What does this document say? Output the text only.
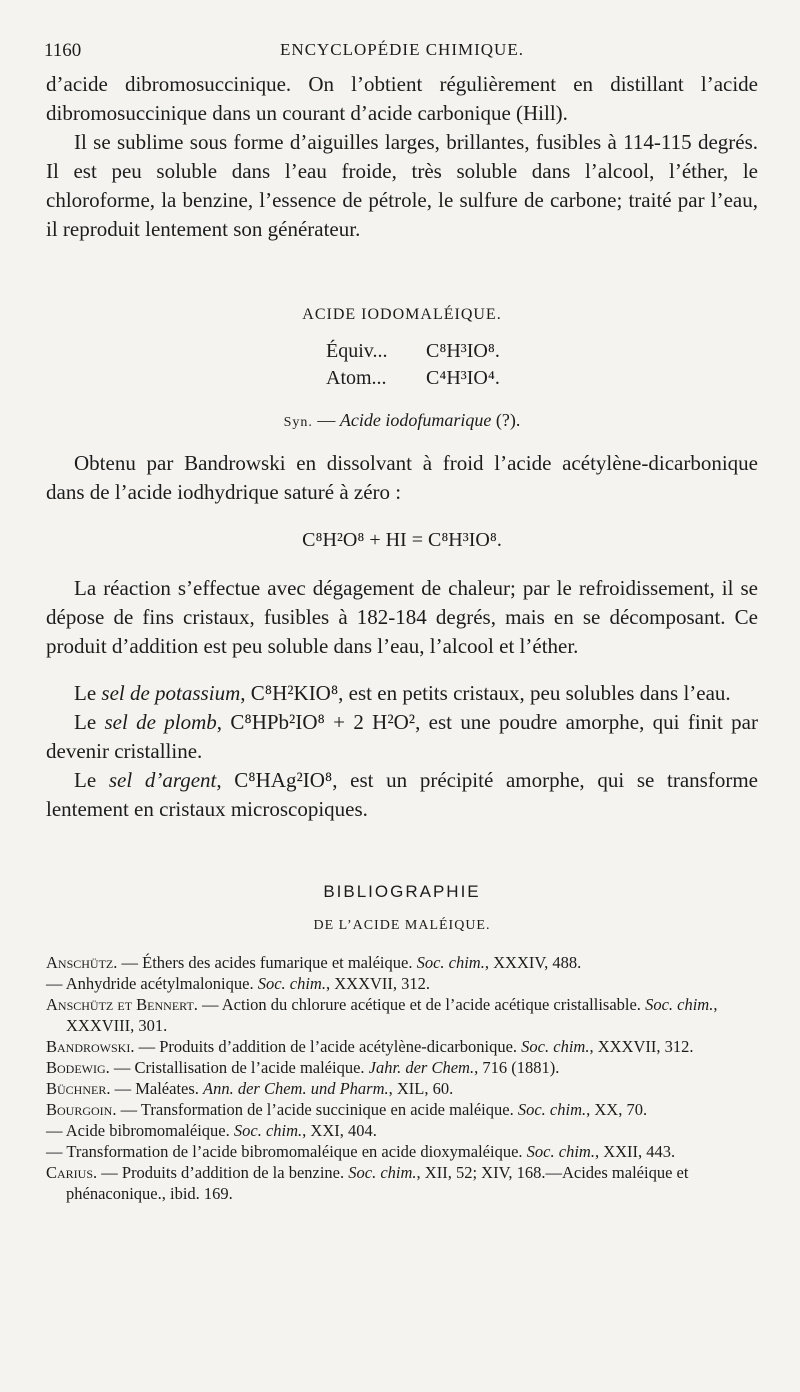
1160	ENCYCLOPÉDIE CHIMIQUE.

d’acide dibromosuccinique. On l’obtient régulièrement en distillant l’acide dibromosuccinique dans un courant d’acide carbonique (Hill).

Il se sublime sous forme d’aiguilles larges, brillantes, fusibles à 114-115 degrés. Il est peu soluble dans l’eau froide, très soluble dans l’alcool, l’éther, le chloroforme, la benzine, l’essence de pétrole, le sulfure de carbone; traité par l’eau, il reproduit lentement son générateur.

ACIDE IODOMALÉIQUE.
Équiv... C⁸H³IO⁸.
Atom... C⁴H³IO⁴.
Syn. — Acide iodofumarique (?).

Obtenu par Bandrowski en dissolvant à froid l’acide acétylène-dicarbonique dans de l’acide iodhydrique saturé à zéro :

C⁸H²O⁸ + HI = C⁸H³IO⁸.

La réaction s’effectue avec dégagement de chaleur; par le refroidissement, il se dépose de fins cristaux, fusibles à 182-184 degrés, mais en se décomposant. Ce produit d’addition est peu soluble dans l’eau, l’alcool et l’éther.

Le sel de potassium, C⁸H²KIO⁸, est en petits cristaux, peu solubles dans l’eau.

Le sel de plomb, C⁸HPb²IO⁸ + 2 H²O², est une poudre amorphe, qui finit par devenir cristalline.

Le sel d’argent, C⁸HAg²IO⁸, est un précipité amorphe, qui se transforme lentement en cristaux microscopiques.

BIBLIOGRAPHIE
DE L’ACIDE MALÉIQUE.
Anschütz. — Éthers des acides fumarique et maléique. Soc. chim., XXXIV, 488.
— Anhydride acétylmalonique. Soc. chim., XXXVII, 312.
Anschütz et Bennert. — Action du chlorure acétique et de l’acide acétique cristallisable. Soc. chim., XXXVIII, 301.
Bandrowski. — Produits d’addition de l’acide acétylène-dicarbonique. Soc. chim., XXXVII, 312.
Bodewig. — Cristallisation de l’acide maléique. Jahr. der Chem., 716 (1881).
Büchner. — Maléates. Ann. der Chem. und Pharm., XIL, 60.
Bourgoin. — Transformation de l’acide succinique en acide maléique. Soc. chim., XX, 70.
— Acide bibromomaléique. Soc. chim., XXI, 404.
— Transformation de l’acide bibromomaléique en acide dioxymaléique. Soc. chim., XXII, 443.
Carius. — Produits d’addition de la benzine. Soc. chim., XII, 52; XIV, 168.—Acides maléique et phénaconique., ibid. 169.
